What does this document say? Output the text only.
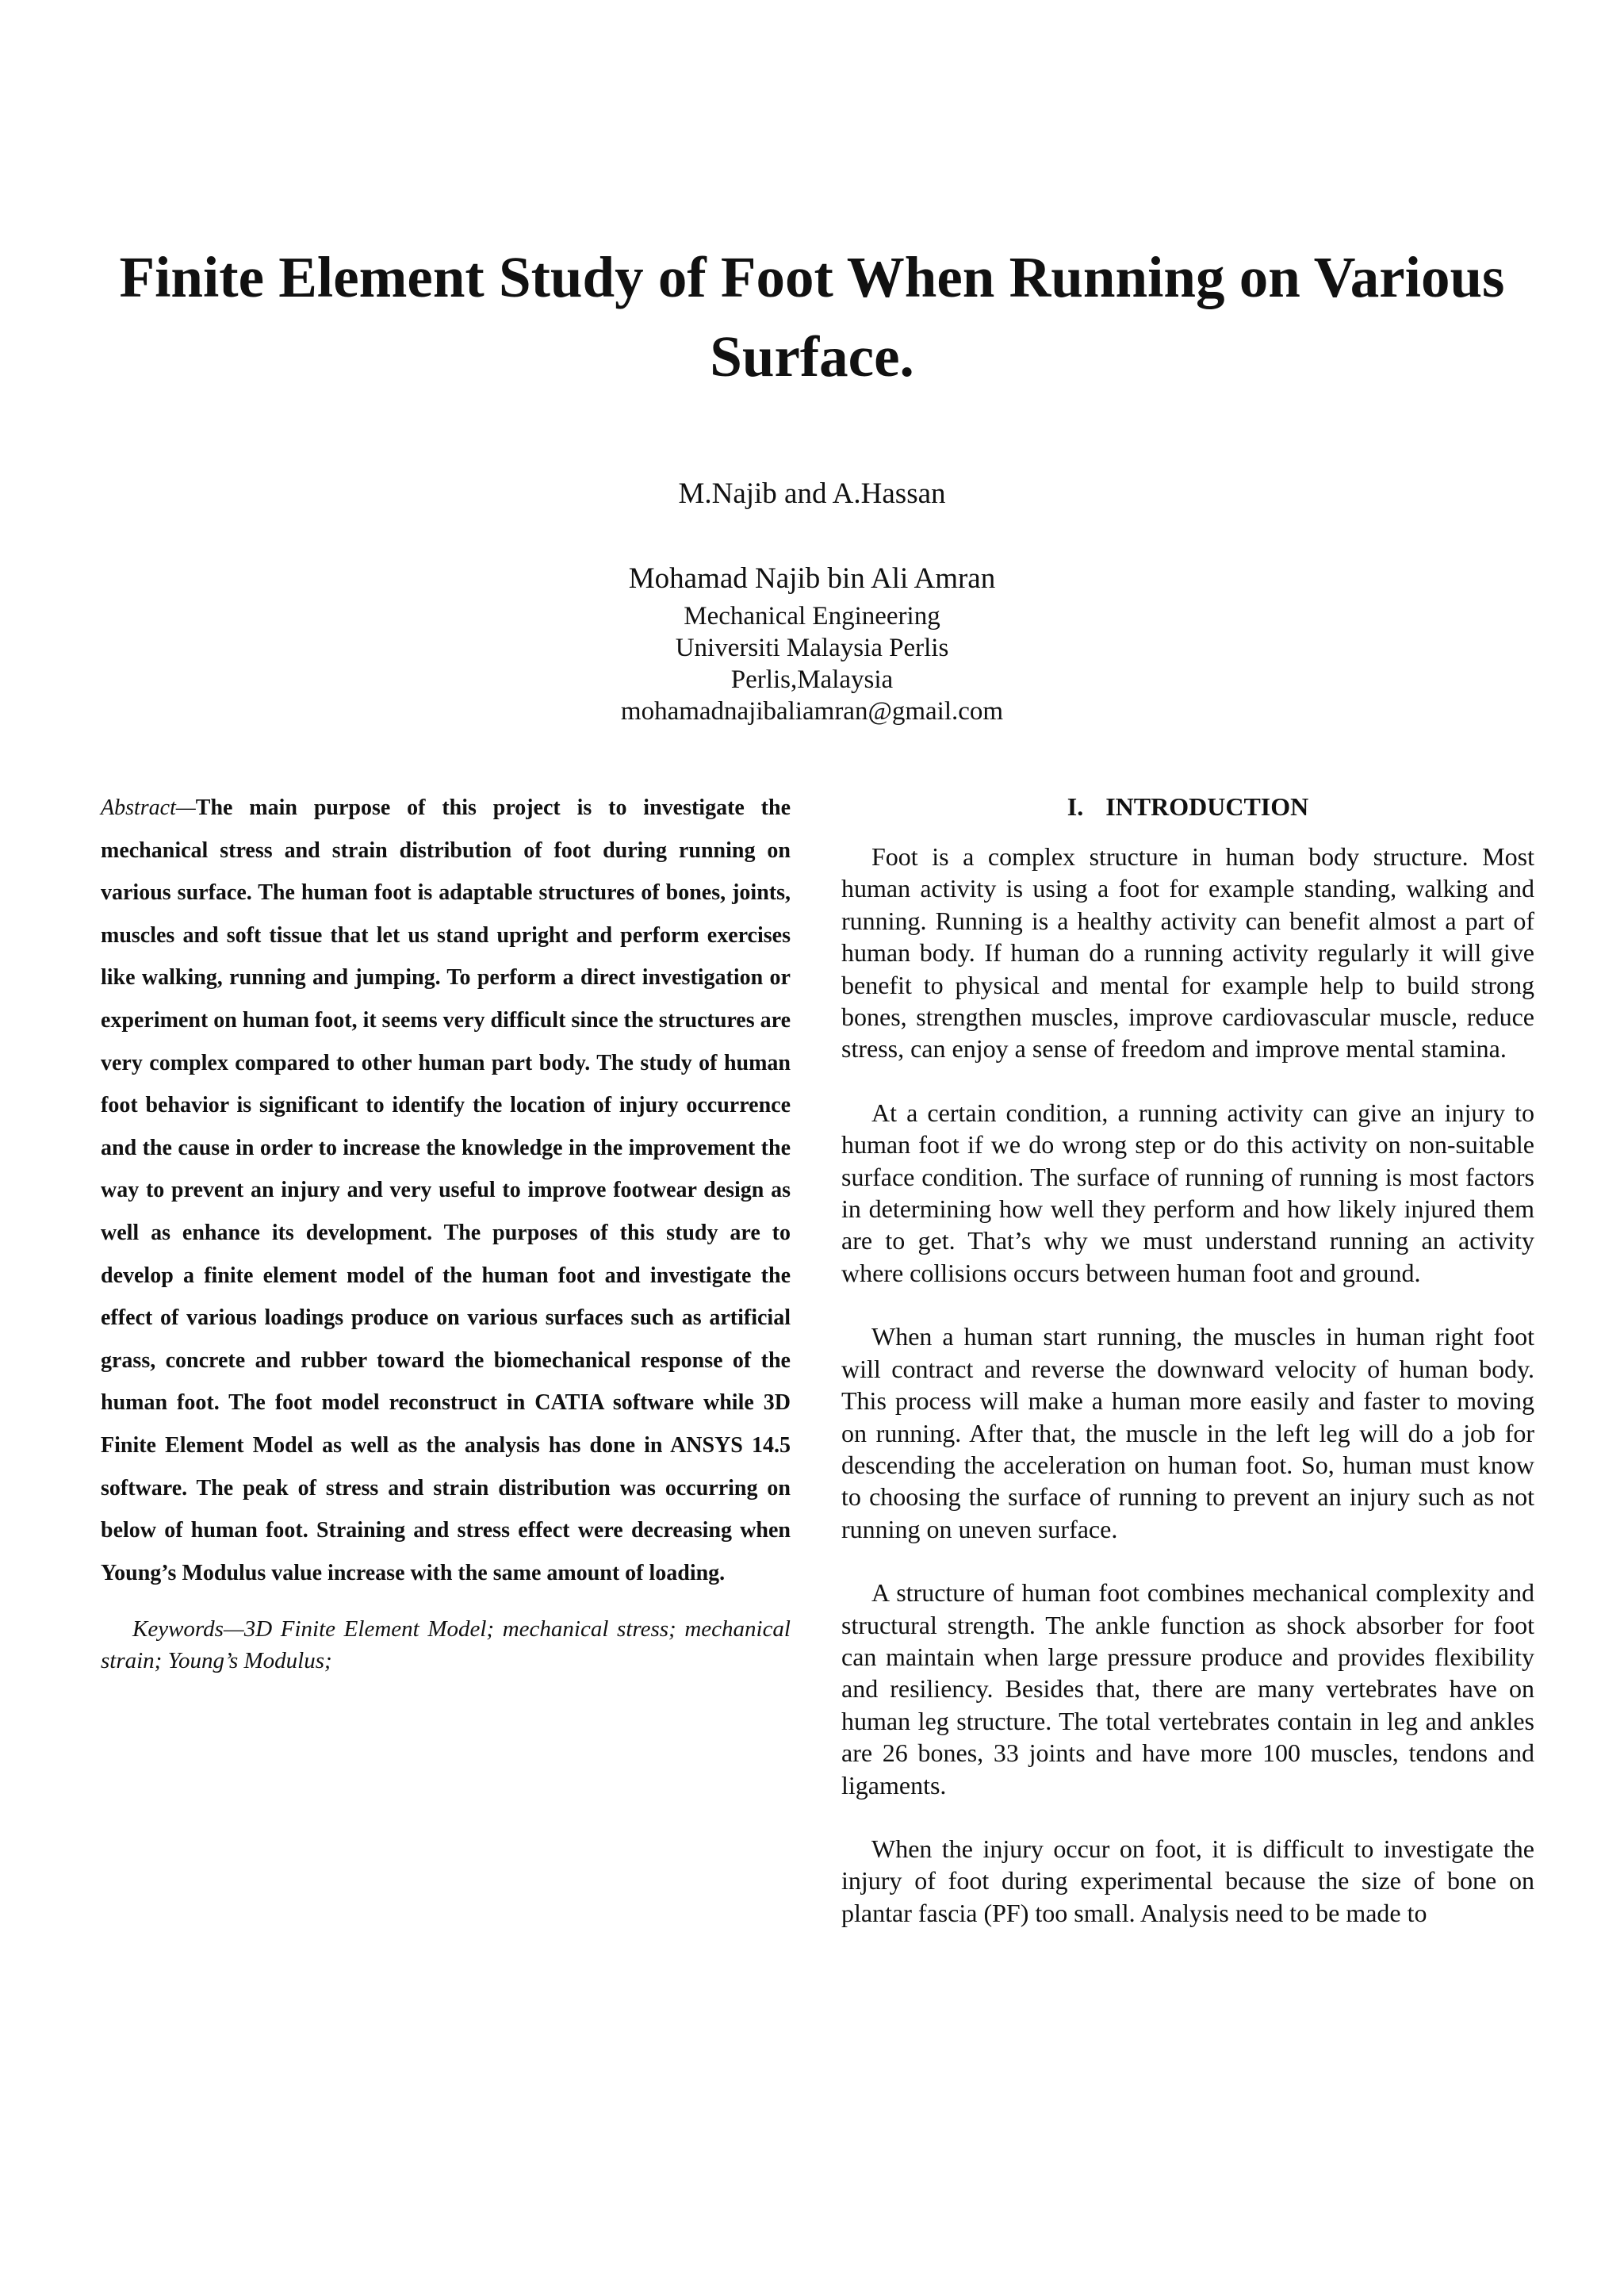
Finite Element Study of Foot When Running on Various Surface.
M.Najib and A.Hassan
Mohamad Najib bin Ali Amran
Mechanical Engineering
Universiti Malaysia Perlis
Perlis,Malaysia
mohamadnajibaliamran@gmail.com

Abstract—The main purpose of this project is to investigate the mechanical stress and strain distribution of foot during running on various surface. The human foot is adaptable structures of bones, joints, muscles and soft tissue that let us stand upright and perform exercises like walking, running and jumping. To perform a direct investigation or experiment on human foot, it seems very difficult since the structures are very complex compared to other human part body. The study of human foot behavior is significant to identify the location of injury occurrence and the cause in order to increase the knowledge in the improvement the way to prevent an injury and very useful to improve footwear design as well as enhance its development. The purposes of this study are to develop a finite element model of the human foot and investigate the effect of various loadings produce on various surfaces such as artificial grass, concrete and rubber toward the biomechanical response of the human foot. The foot model reconstruct in CATIA software while 3D Finite Element Model as well as the analysis has done in ANSYS 14.5 software. The peak of stress and strain distribution was occurring on below of human foot. Straining and stress effect were decreasing when Young’s Modulus value increase with the same amount of loading.

Keywords—3D Finite Element Model; mechanical stress; mechanical strain; Young’s Modulus;

I. INTRODUCTION

Foot is a complex structure in human body structure. Most human activity is using a foot for example standing, walking and running. Running is a healthy activity can benefit almost a part of human body. If human do a running activity regularly it will give benefit to physical and mental for example help to build strong bones, strengthen muscles, improve cardiovascular muscle, reduce stress, can enjoy a sense of freedom and improve mental stamina.

At a certain condition, a running activity can give an injury to human foot if we do wrong step or do this activity on non-suitable surface condition. The surface of running of running is most factors in determining how well they perform and how likely injured them are to get. That’s why we must understand running an activity where collisions occurs between human foot and ground.

When a human start running, the muscles in human right foot will contract and reverse the downward velocity of human body. This process will make a human more easily and faster to moving on running. After that, the muscle in the left leg will do a job for descending the acceleration on human foot. So, human must know to choosing the surface of running to prevent an injury such as not running on uneven surface.

A structure of human foot combines mechanical complexity and structural strength. The ankle function as shock absorber for foot can maintain when large pressure produce and provides flexibility and resiliency. Besides that, there are many vertebrates have on human leg structure. The total vertebrates contain in leg and ankles are 26 bones, 33 joints and have more 100 muscles, tendons and ligaments.

When the injury occur on foot, it is difficult to investigate the injury of foot during experimental because the size of bone on plantar fascia (PF) too small. Analysis need to be made to
